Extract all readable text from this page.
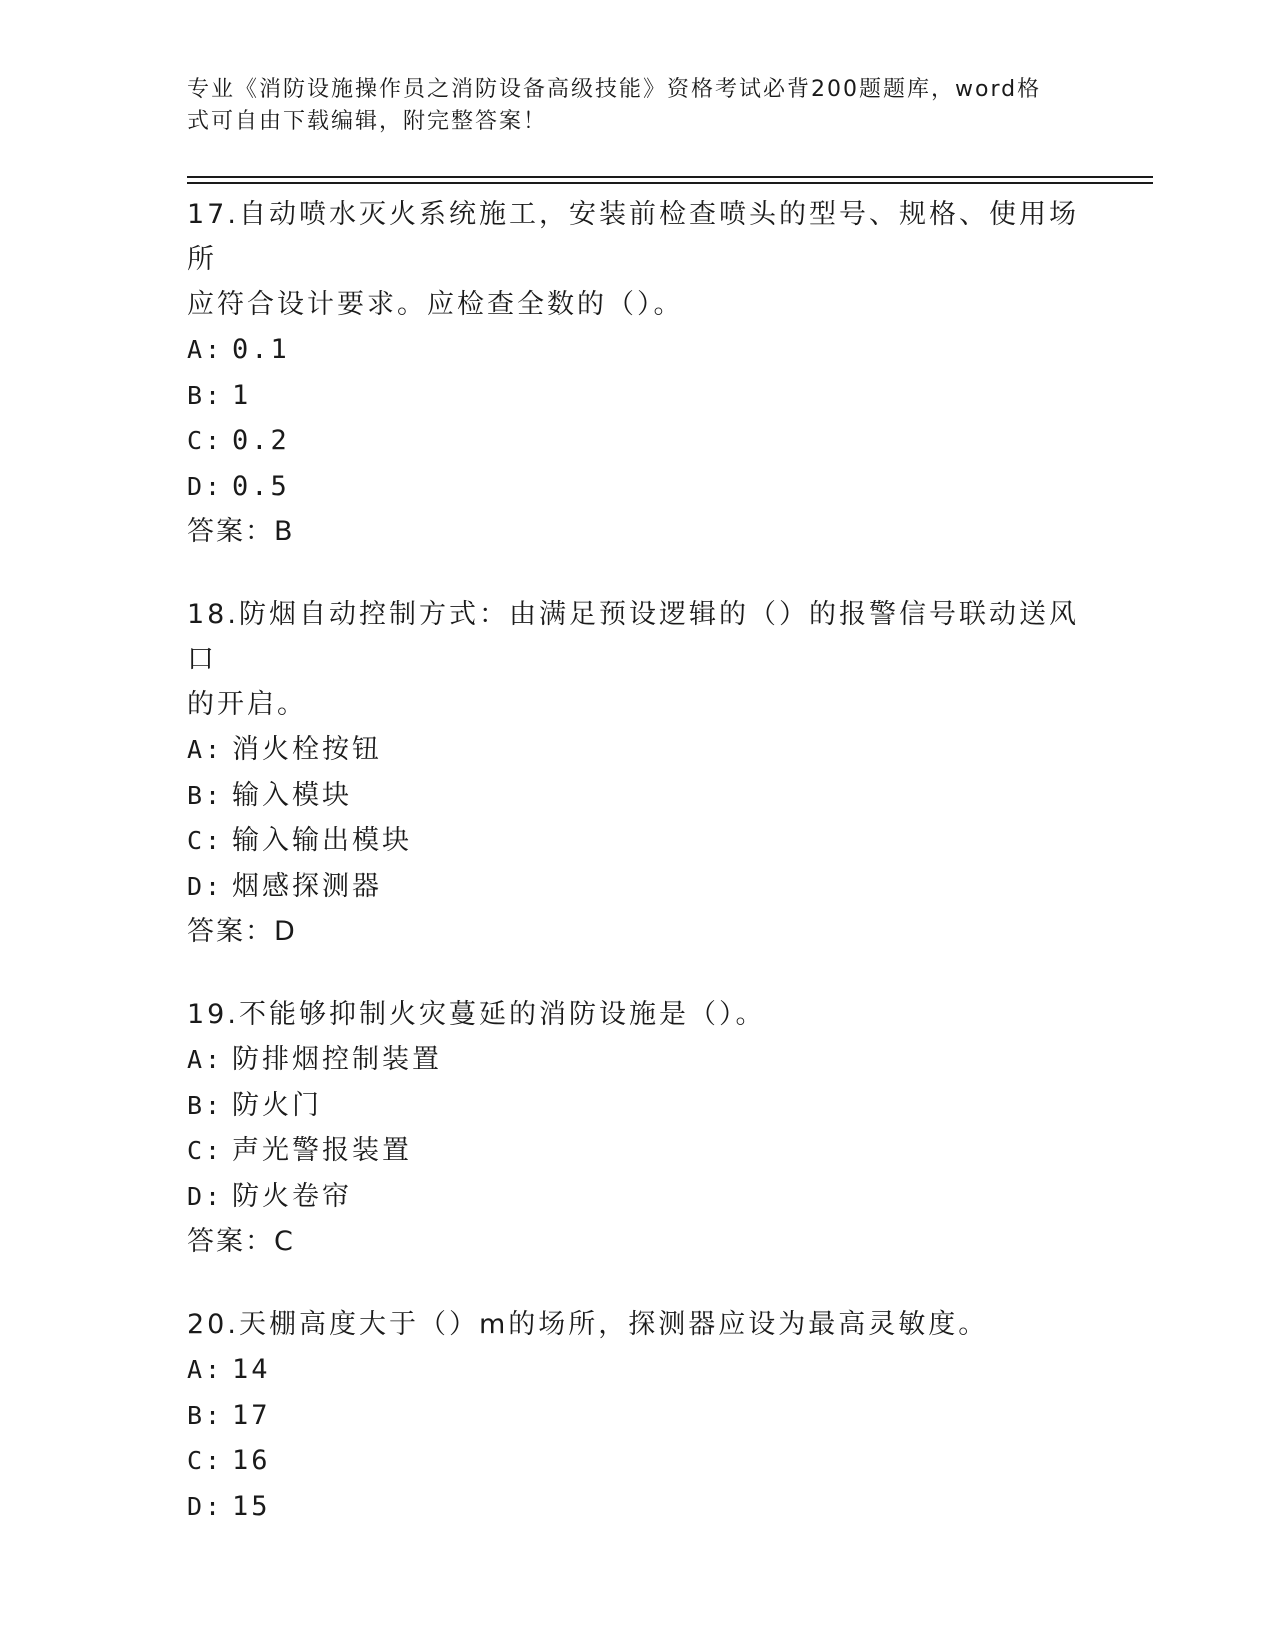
专业《消防设施操作员之消防设备高级技能》资格考试必背200题题库，word格
式可自由下载编辑，附完整答案！

17.自动喷水灭火系统施工，安装前检查喷头的型号、规格、使用场所
应符合设计要求。应检查全数的（）。

A: 0.1
B: 1
C: 0.2
D: 0.5
答案：B

18.防烟自动控制方式：由满足预设逻辑的（）的报警信号联动送风口
的开启。

A: 消火栓按钮
B: 输入模块
C: 输入输出模块
D: 烟感探测器
答案：D

19.不能够抑制火灾蔓延的消防设施是（）。

A: 防排烟控制装置
B: 防火门
C: 声光警报装置
D: 防火卷帘
答案：C

20.天棚高度大于（）m的场所，探测器应设为最高灵敏度。

A: 14
B: 17
C: 16
D: 15
